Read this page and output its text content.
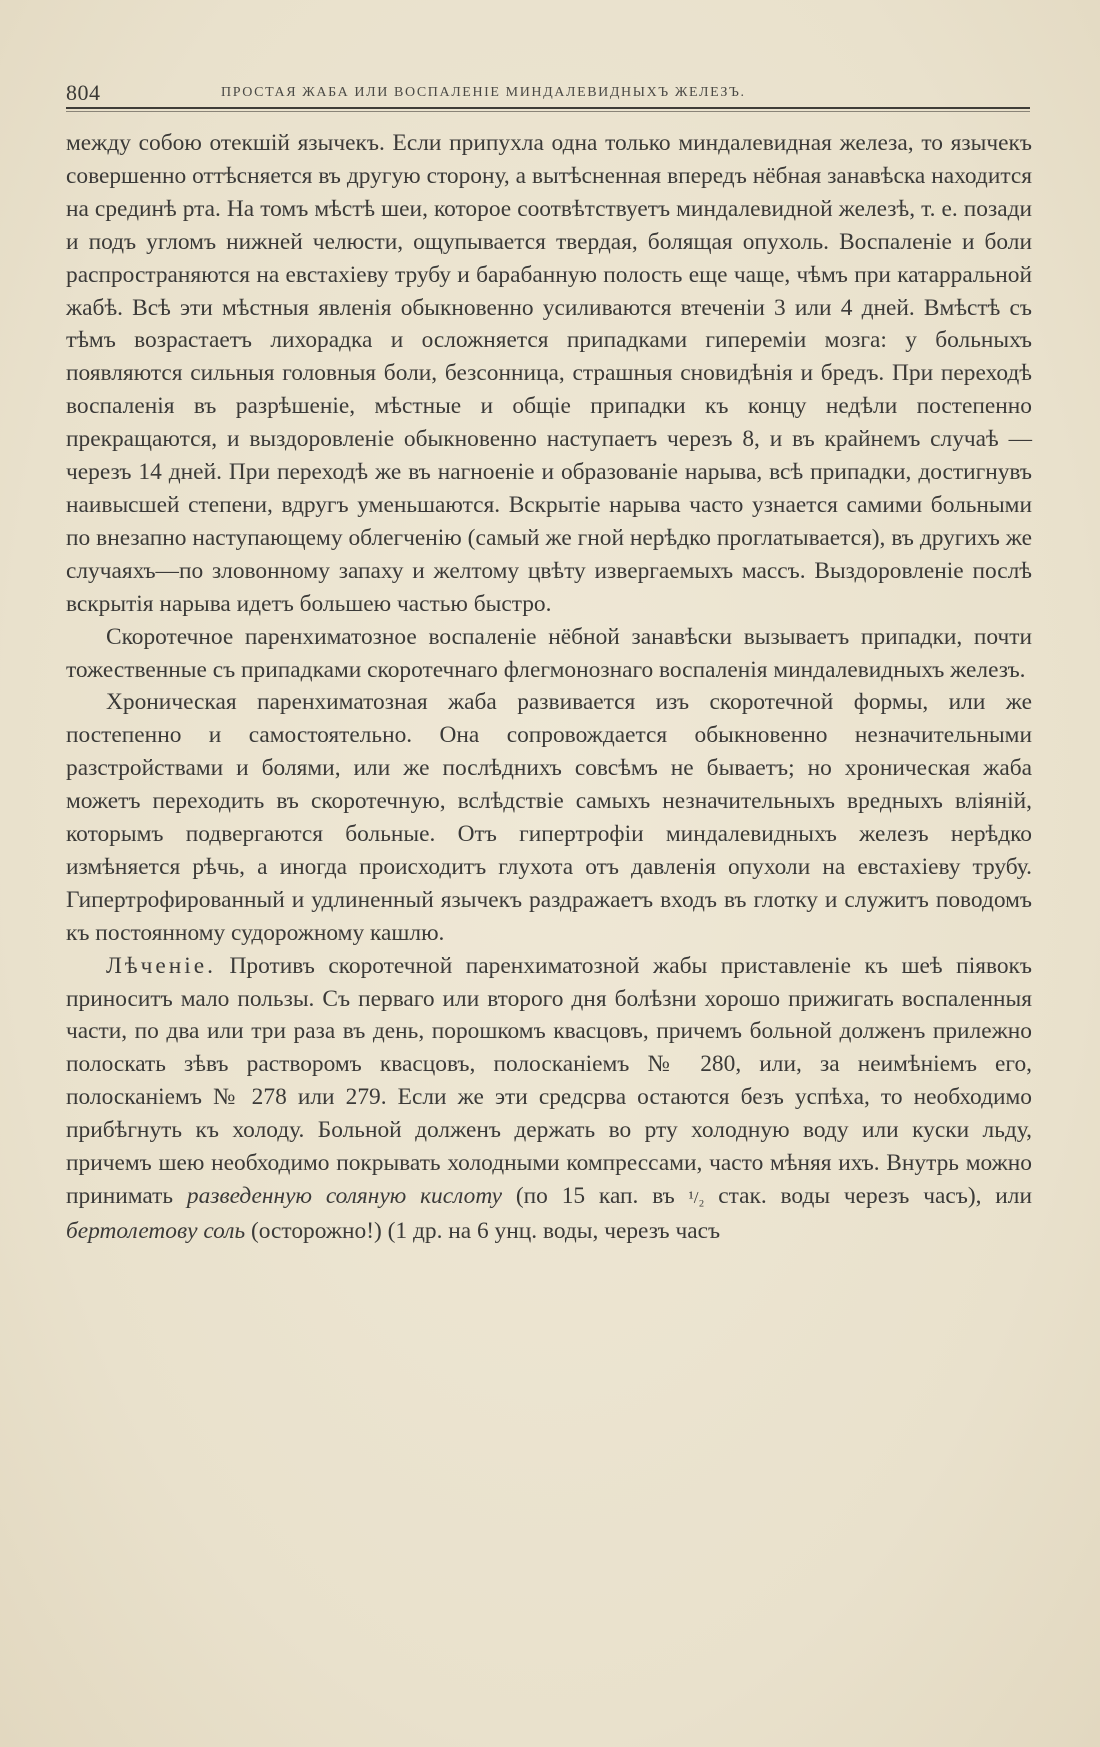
804	ПРОСТАЯ ЖАБА ИЛИ ВОСПАЛЕНІЕ МИНДАЛЕВИДНЫХЪ ЖЕЛЕЗЪ.

между собою отекшій язычекъ. Если припухла одна только миндалевидная железа, то язычекъ совершенно оттѣсняется въ другую сторону, а вытѣсненная впередъ нёбная занавѣска находится на срединѣ рта. На томъ мѣстѣ шеи, которое соотвѣтствуетъ миндалевидной железѣ, т. е. позади и подъ угломъ нижней челюсти, ощупывается твердая, болящая опухоль. Воспаленіе и боли распространяются на евстахіеву трубу и барабанную полость еще чаще, чѣмъ при катарральной жабѣ. Всѣ эти мѣстныя явленія обыкновенно усиливаются втеченіи 3 или 4 дней. Вмѣстѣ съ тѣмъ возрастаетъ лихорадка и осложняется припадками гипереміи мозга: у больныхъ появляются сильныя головныя боли, безсонница, страшныя сновидѣнія и бредъ. При переходѣ воспаленія въ разрѣшеніе, мѣстные и общіе припадки къ концу недѣли постепенно прекращаются, и выздоровленіе обыкновенно наступаетъ черезъ 8, и въ крайнемъ случаѣ — черезъ 14 дней. При переходѣ же въ нагноеніе и образованіе нарыва, всѣ припадки, достигнувъ наивысшей степени, вдругъ уменьшаются. Вскрытіе нарыва часто узнается самими больными по внезапно наступающему облегченію (самый же гной нерѣдко проглатывается), въ другихъ же случаяхъ—по зловонному запаху и желтому цвѣту извергаемыхъ массъ. Выздоровленіе послѣ вскрытія нарыва идетъ большею частью быстро.

Скоротечное паренхиматозное воспаленіе нёбной занавѣски вызываетъ припадки, почти тожественные съ припадками скоротечнаго флегмонознаго воспаленія миндалевидныхъ железъ.

Хроническая паренхиматозная жаба развивается изъ скоротечной формы, или же постепенно и самостоятельно. Она сопровождается обыкновенно незначительными разстройствами и болями, или же послѣднихъ совсѣмъ не бываетъ; но хроническая жаба можетъ переходить въ скоротечную, вслѣдствіе самыхъ незначительныхъ вредныхъ вліяній, которымъ подвергаются больные. Отъ гипертрофіи миндалевидныхъ железъ нерѣдко измѣняется рѣчь, а иногда происходитъ глухота отъ давленія опухоли на евстахіеву трубу. Гипертрофированный и удлиненный язычекъ раздражаетъ входъ въ глотку и служитъ поводомъ къ постоянному судорожному кашлю.

Лѣченіе. Противъ скоротечной паренхиматозной жабы приставленіе къ шеѣ піявокъ приноситъ мало пользы. Съ перваго или второго дня болѣзни хорошо прижигать воспаленныя части, по два или три раза въ день, порошкомъ квасцовъ, причемъ больной долженъ прилежно полоскать зѣвъ растворомъ квасцовъ, полосканіемъ № 280, или, за неимѣніемъ его, полосканіемъ № 278 или 279. Если же эти средсрва остаются безъ успѣха, то необходимо прибѣгнуть къ холоду. Больной долженъ держать во рту холодную воду или куски льду, причемъ шею необходимо покрывать холодными компрессами, часто мѣняя ихъ. Внутрь можно принимать разведенную соляную кислоту (по 15 кап. въ ¹/₂ стак. воды черезъ часъ), или бертолетову соль (осторожно!) (1 др. на 6 унц. воды, черезъ часъ
